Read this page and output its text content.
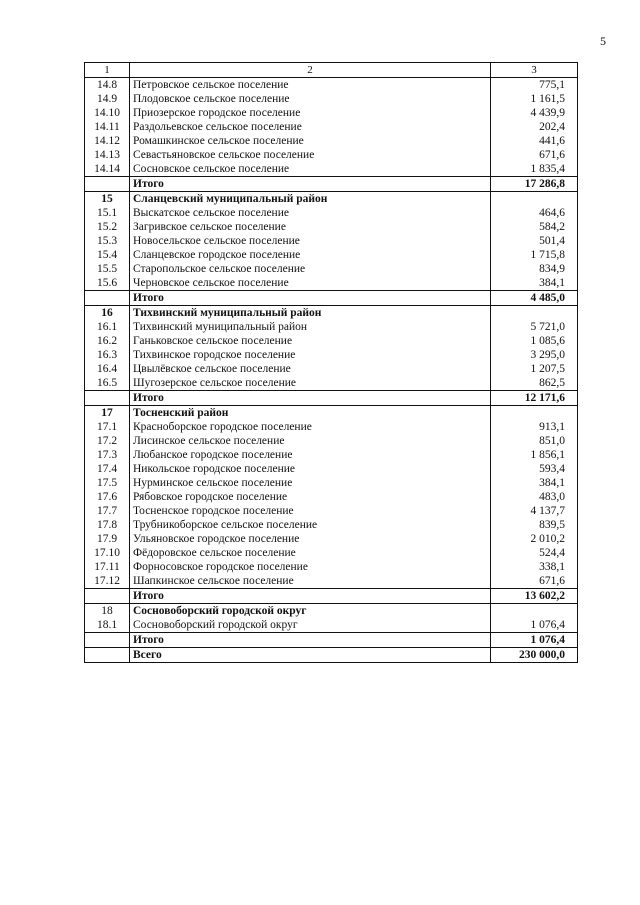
5
1	2	3
14.8	Петровское сельское поселение	775,1
14.9	Плодовское сельское поселение	1 161,5
14.10	Приозерское городское поселение	4 439,9
14.11	Раздольевское сельское поселение	202,4
14.12	Ромашкинское сельское поселение	441,6
14.13	Севастьяновское сельское поселение	671,6
14.14	Сосновское сельское поселение	1 835,4
	Итого	17 286,8
15	Сланцевский муниципальный район	
15.1	Выскатское сельское поселение	464,6
15.2	Загривское сельское поселение	584,2
15.3	Новосельское сельское поселение	501,4
15.4	Сланцевское городское поселение	1 715,8
15.5	Старопольское сельское поселение	834,9
15.6	Черновское сельское поселение	384,1
	Итого	4 485,0
16	Тихвинский муниципальный район	
16.1	Тихвинский муниципальный район	5 721,0
16.2	Ганьковское сельское поселение	1 085,6
16.3	Тихвинское городское поселение	3 295,0
16.4	Цвылёвское сельское поселение	1 207,5
16.5	Шугозерское сельское поселение	862,5
	Итого	12 171,6
17	Тосненский район	
17.1	Красноборское городское поселение	913,1
17.2	Лисинское сельское поселение	851,0
17.3	Любанское городское поселение	1 856,1
17.4	Никольское городское поселение	593,4
17.5	Нурминское сельское поселение	384,1
17.6	Рябовское городское поселение	483,0
17.7	Тосненское городское поселение	4 137,7
17.8	Трубникоборское сельское поселение	839,5
17.9	Ульяновское городское поселение	2 010,2
17.10	Фёдоровское сельское поселение	524,4
17.11	Форносовское городское поселение	338,1
17.12	Шапкинское сельское поселение	671,6
	Итого	13 602,2
18	Сосновоборский городской округ	
18.1	Сосновоборский городской округ	1 076,4
	Итого	1 076,4
	Всего	230 000,0
